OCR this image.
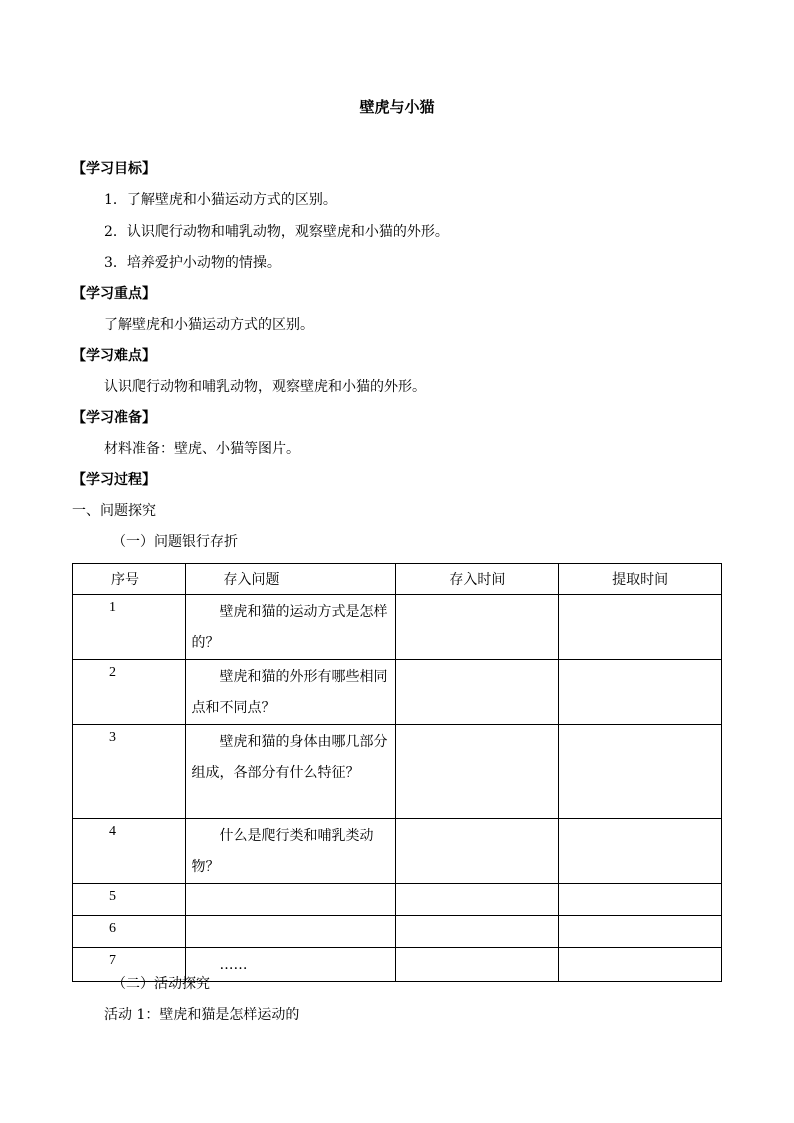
壁虎与小猫
【学习目标】
1．了解壁虎和小猫运动方式的区别。
2．认识爬行动物和哺乳动物，观察壁虎和小猫的外形。
3．培养爱护小动物的情操。
【学习重点】
了解壁虎和小猫运动方式的区别。
【学习难点】
认识爬行动物和哺乳动物，观察壁虎和小猫的外形。
【学习准备】
材料准备：壁虎、小猫等图片。
【学习过程】
一、问题探究
（一）问题银行存折
序号	存入问题	存入时间	提取时间
1	壁虎和猫的运动方式是怎样的？		
2	壁虎和猫的外形有哪些相同点和不同点？		
3	壁虎和猫的身体由哪几部分组成，各部分有什么特征？		
4	什么是爬行类和哺乳类动物？		
5			
6			
7	……		
（二）活动探究
活动 1：壁虎和猫是怎样运动的
